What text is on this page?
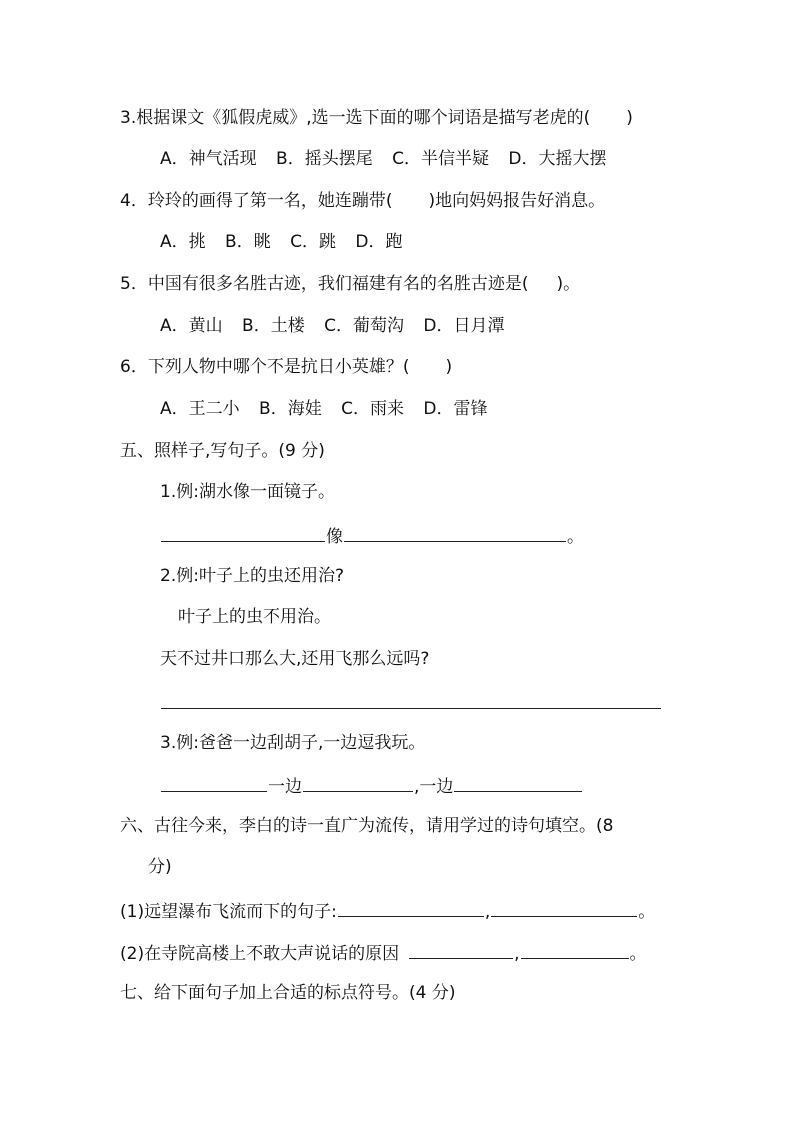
3.根据课文《狐假虎威》,选一选下面的哪个词语是描写老虎的( )
A．神气活现 B．摇头摆尾 C．半信半疑 D．大摇大摆
4．玲玲的画得了第一名，她连蹦带( )地向妈妈报告好消息。
A．挑 B．眺 C．跳 D．跑
5．中国有很多名胜古迹，我们福建有名的名胜古迹是( )。
A．黄山 B．土楼 C．葡萄沟 D．日月潭
6．下列人物中哪个不是抗日小英雄？( )
A．王二小 B．海娃 C．雨来 D．雷锋
五、照样子,写句子。(9 分)
1.例:湖水像一面镜子。
像	。
2.例:叶子上的虫还用治?
叶子上的虫不用治。
天不过井口那么大,还用飞那么远吗?
3.例:爸爸一边刮胡子,一边逗我玩。
一边	,一边
六、古往今来，李白的诗一直广为流传，请用学过的诗句填空。(8
分)
(1)远望瀑布飞流而下的句子:	,	。
(2)在寺院高楼上不敢大声说话的原因	,	。
七、给下面句子加上合适的标点符号。(4 分)
